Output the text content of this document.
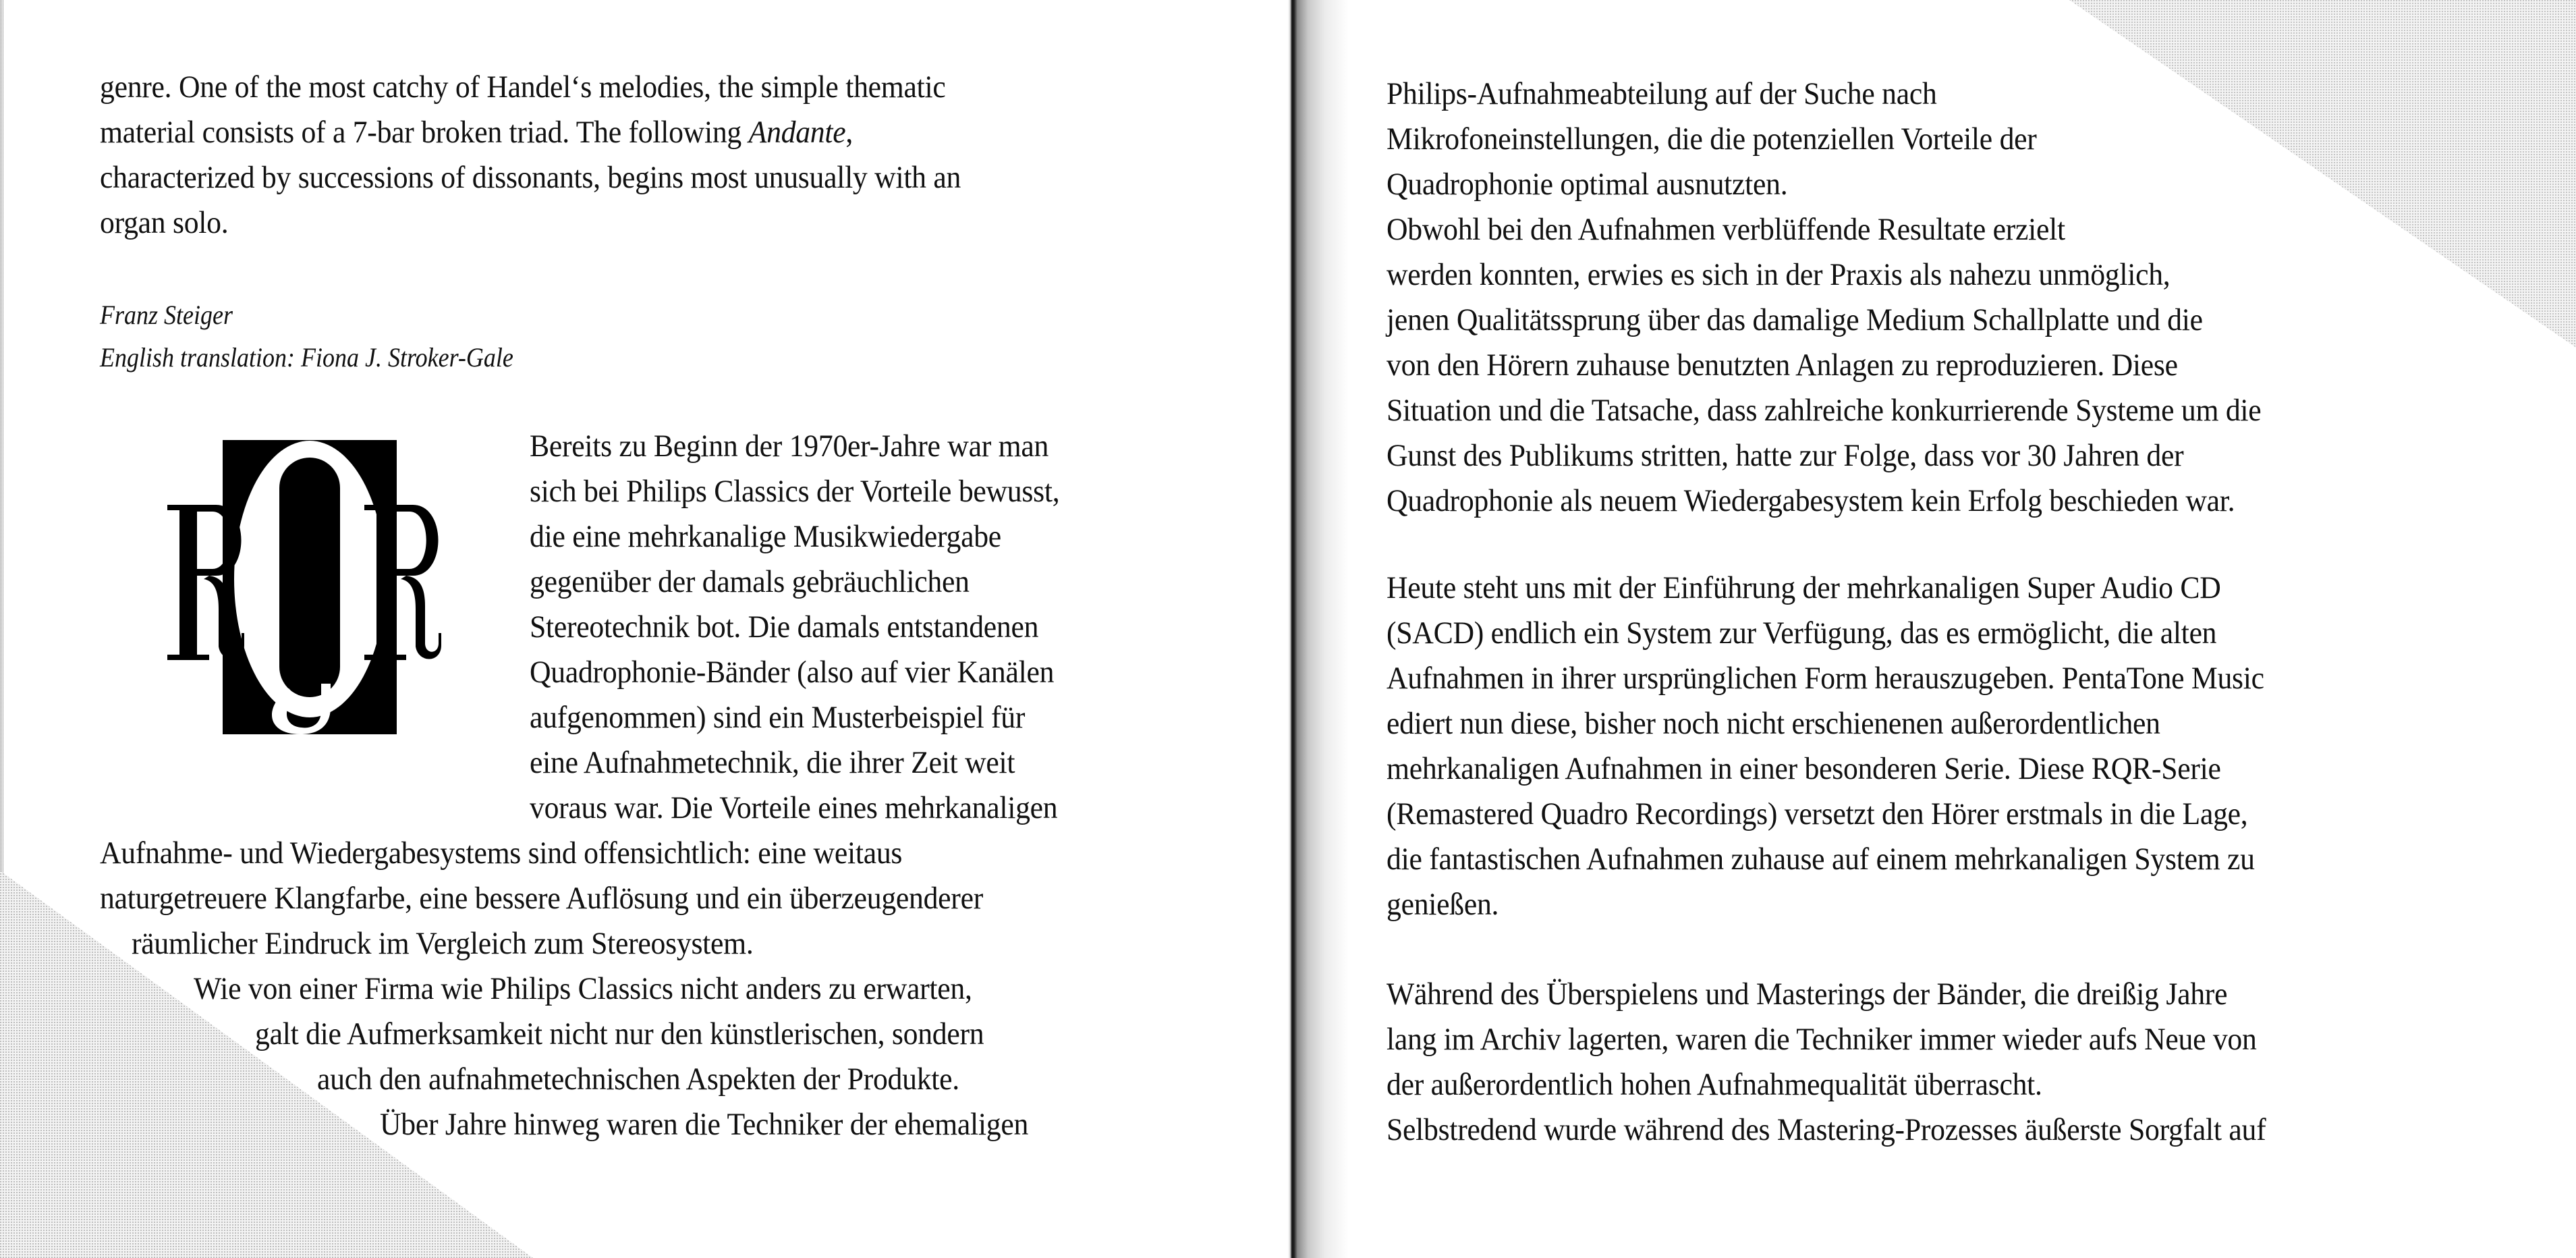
genre. One of the most catchy of Handel‘s melodies, the simple thematic
material consists of a 7-bar broken triad. The following Andante,
characterized by successions of dissonants, begins most unusually with an
organ solo.
Franz Steiger
English translation: Fiona J. Stroker-Gale
Bereits zu Beginn der 1970er-Jahre war man
sich bei Philips Classics der Vorteile bewusst,
die eine mehrkanalige Musikwiedergabe
gegenüber der damals gebräuchlichen
Stereotechnik bot. Die damals entstandenen
Quadrophonie-Bänder (also auf vier Kanälen
aufgenommen) sind ein Musterbeispiel für
eine Aufnahmetechnik, die ihrer Zeit weit
voraus war. Die Vorteile eines mehrkanaligen
Aufnahme- und Wiedergabesystems sind offensichtlich: eine weitaus
naturgetreuere Klangfarbe, eine bessere Auflösung und ein überzeugenderer
räumlicher Eindruck im Vergleich zum Stereosystem.
Wie von einer Firma wie Philips Classics nicht anders zu erwarten,
galt die Aufmerksamkeit nicht nur den künstlerischen, sondern
auch den aufnahmetechnischen Aspekten der Produkte.
Über Jahre hinweg waren die Techniker der ehemaligen
Philips-Aufnahmeabteilung auf der Suche nach
Mikrofoneinstellungen, die die potenziellen Vorteile der
Quadrophonie optimal ausnutzten.
Obwohl bei den Aufnahmen verblüffende Resultate erzielt
werden konnten, erwies es sich in der Praxis als nahezu unmöglich,
jenen Qualitätssprung über das damalige Medium Schallplatte und die
von den Hörern zuhause benutzten Anlagen zu reproduzieren. Diese
Situation und die Tatsache, dass zahlreiche konkurrierende Systeme um die
Gunst des Publikums stritten, hatte zur Folge, dass vor 30 Jahren der
Quadrophonie als neuem Wiedergabesystem kein Erfolg beschieden war.
Heute steht uns mit der Einführung der mehrkanaligen Super Audio CD
(SACD) endlich ein System zur Verfügung, das es ermöglicht, die alten
Aufnahmen in ihrer ursprünglichen Form herauszugeben. PentaTone Music
ediert nun diese, bisher noch nicht erschienenen außerordentlichen
mehrkanaligen Aufnahmen in einer besonderen Serie. Diese RQR-Serie
(Remastered Quadro Recordings) versetzt den Hörer erstmals in die Lage,
die fantastischen Aufnahmen zuhause auf einem mehrkanaligen System zu
genießen.
Während des Überspielens und Masterings der Bänder, die dreißig Jahre
lang im Archiv lagerten, waren die Techniker immer wieder aufs Neue von
der außerordentlich hohen Aufnahmequalität überrascht.
Selbstredend wurde während des Mastering-Prozesses äußerste Sorgfalt auf
